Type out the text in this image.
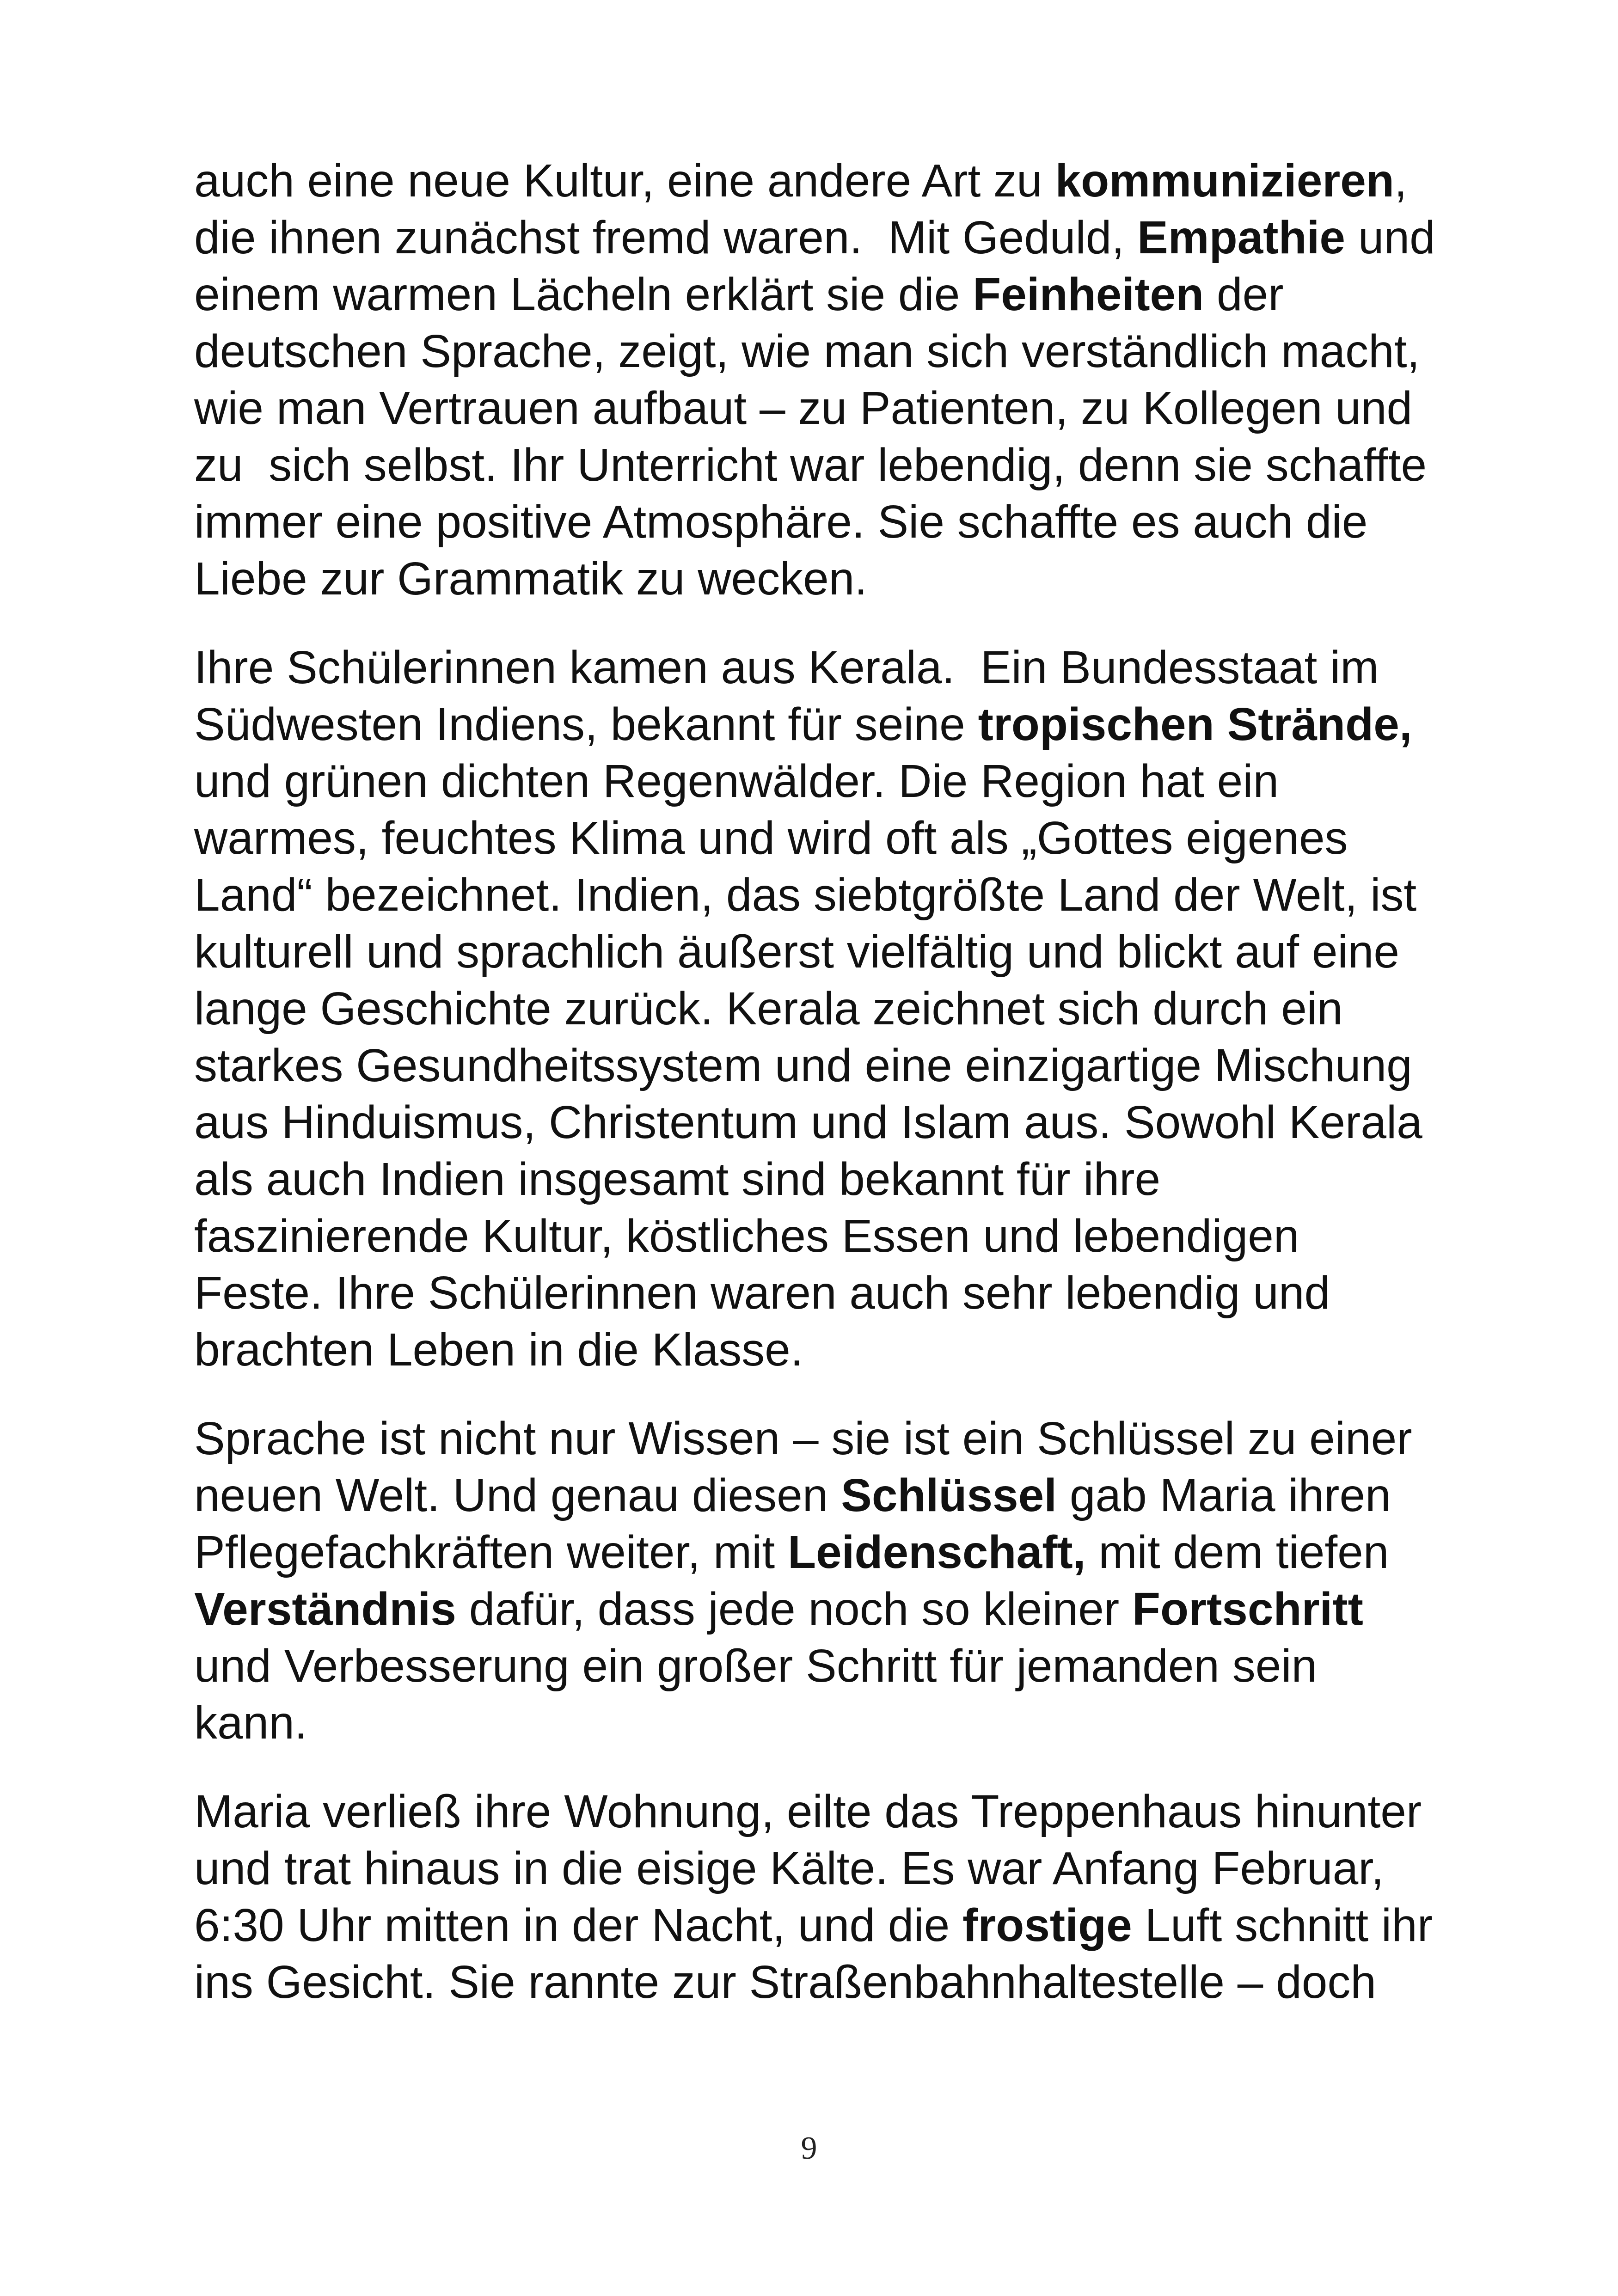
auch eine neue Kultur, eine andere Art zu kommunizieren,
die ihnen zunächst fremd waren.  Mit Geduld, Empathie und
einem warmen Lächeln erklärt sie die Feinheiten der
deutschen Sprache, zeigt, wie man sich verständlich macht,
wie man Vertrauen aufbaut – zu Patienten, zu Kollegen und
zu  sich selbst. Ihr Unterricht war lebendig, denn sie schaffte
immer eine positive Atmosphäre. Sie schaffte es auch die
Liebe zur Grammatik zu wecken.

Ihre Schülerinnen kamen aus Kerala.  Ein Bundesstaat im
Südwesten Indiens, bekannt für seine tropischen Strände,
und grünen dichten Regenwälder. Die Region hat ein
warmes, feuchtes Klima und wird oft als „Gottes eigenes
Land“ bezeichnet. Indien, das siebtgrößte Land der Welt, ist
kulturell und sprachlich äußerst vielfältig und blickt auf eine
lange Geschichte zurück. Kerala zeichnet sich durch ein
starkes Gesundheitssystem und eine einzigartige Mischung
aus Hinduismus, Christentum und Islam aus. Sowohl Kerala
als auch Indien insgesamt sind bekannt für ihre
faszinierende Kultur, köstliches Essen und lebendigen
Feste. Ihre Schülerinnen waren auch sehr lebendig und
brachten Leben in die Klasse.

Sprache ist nicht nur Wissen – sie ist ein Schlüssel zu einer
neuen Welt. Und genau diesen Schlüssel gab Maria ihren
Pflegefachkräften weiter, mit Leidenschaft, mit dem tiefen
Verständnis dafür, dass jede noch so kleiner Fortschritt
und Verbesserung ein großer Schritt für jemanden sein
kann.

Maria verließ ihre Wohnung, eilte das Treppenhaus hinunter
und trat hinaus in die eisige Kälte. Es war Anfang Februar,
6:30 Uhr mitten in der Nacht, und die frostige Luft schnitt ihr
ins Gesicht. Sie rannte zur Straßenbahnhaltestelle – doch

9
